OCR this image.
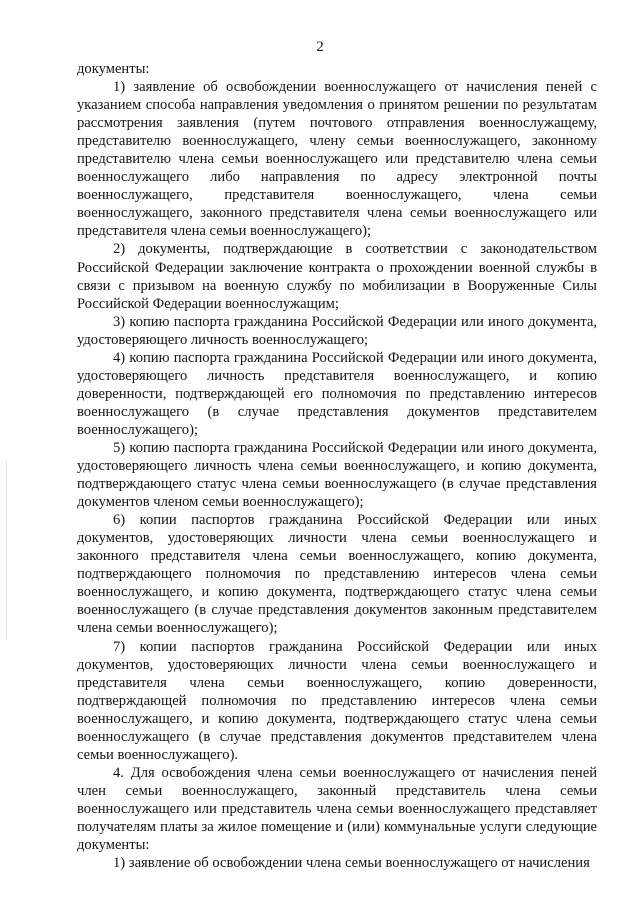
2

документы:

1) заявление об освобождении военнослужащего от начисления пеней с указанием способа направления уведомления о принятом решении по результатам рассмотрения заявления (путем почтового отправления военнослужащему, представителю военнослужащего, члену семьи военнослужащего, законному представителю члена семьи военнослужащего или представителю члена семьи военнослужащего либо направления по адресу электронной почты военнослужащего, представителя военнослужащего, члена семьи военнослужащего, законного представителя члена семьи военнослужащего или представителя члена семьи военнослужащего);

2) документы, подтверждающие в соответствии с законодательством Российской Федерации заключение контракта о прохождении военной службы в связи с призывом на военную службу по мобилизации в Вооруженные Силы Российской Федерации военнослужащим;

3) копию паспорта гражданина Российской Федерации или иного документа, удостоверяющего личность военнослужащего;

4) копию паспорта гражданина Российской Федерации или иного документа, удостоверяющего личность представителя военнослужащего, и копию доверенности, подтверждающей его полномочия по представлению интересов военнослужащего (в случае представления документов представителем военнослужащего);

5) копию паспорта гражданина Российской Федерации или иного документа, удостоверяющего личность члена семьи военнослужащего, и копию документа, подтверждающего статус члена семьи военнослужащего (в случае представления документов членом семьи военнослужащего);

6) копии паспортов гражданина Российской Федерации или иных документов, удостоверяющих личности члена семьи военнослужащего и законного представителя члена семьи военнослужащего, копию документа, подтверждающего полномочия по представлению интересов члена семьи военнослужащего, и копию документа, подтверждающего статус члена семьи военнослужащего (в случае представления документов законным представителем члена семьи военнослужащего);

7) копии паспортов гражданина Российской Федерации или иных документов, удостоверяющих личности члена семьи военнослужащего и представителя члена семьи военнослужащего, копию доверенности, подтверждающей полномочия по представлению интересов члена семьи военнослужащего, и копию документа, подтверждающего статус члена семьи военнослужащего (в случае представления документов представителем члена семьи военнослужащего).

4. Для освобождения члена семьи военнослужащего от начисления пеней член семьи военнослужащего, законный представитель члена семьи военнослужащего или представитель члена семьи военнослужащего представляет получателям платы за жилое помещение и (или) коммунальные услуги следующие документы:

1) заявление об освобождении члена семьи военнослужащего от начисления
